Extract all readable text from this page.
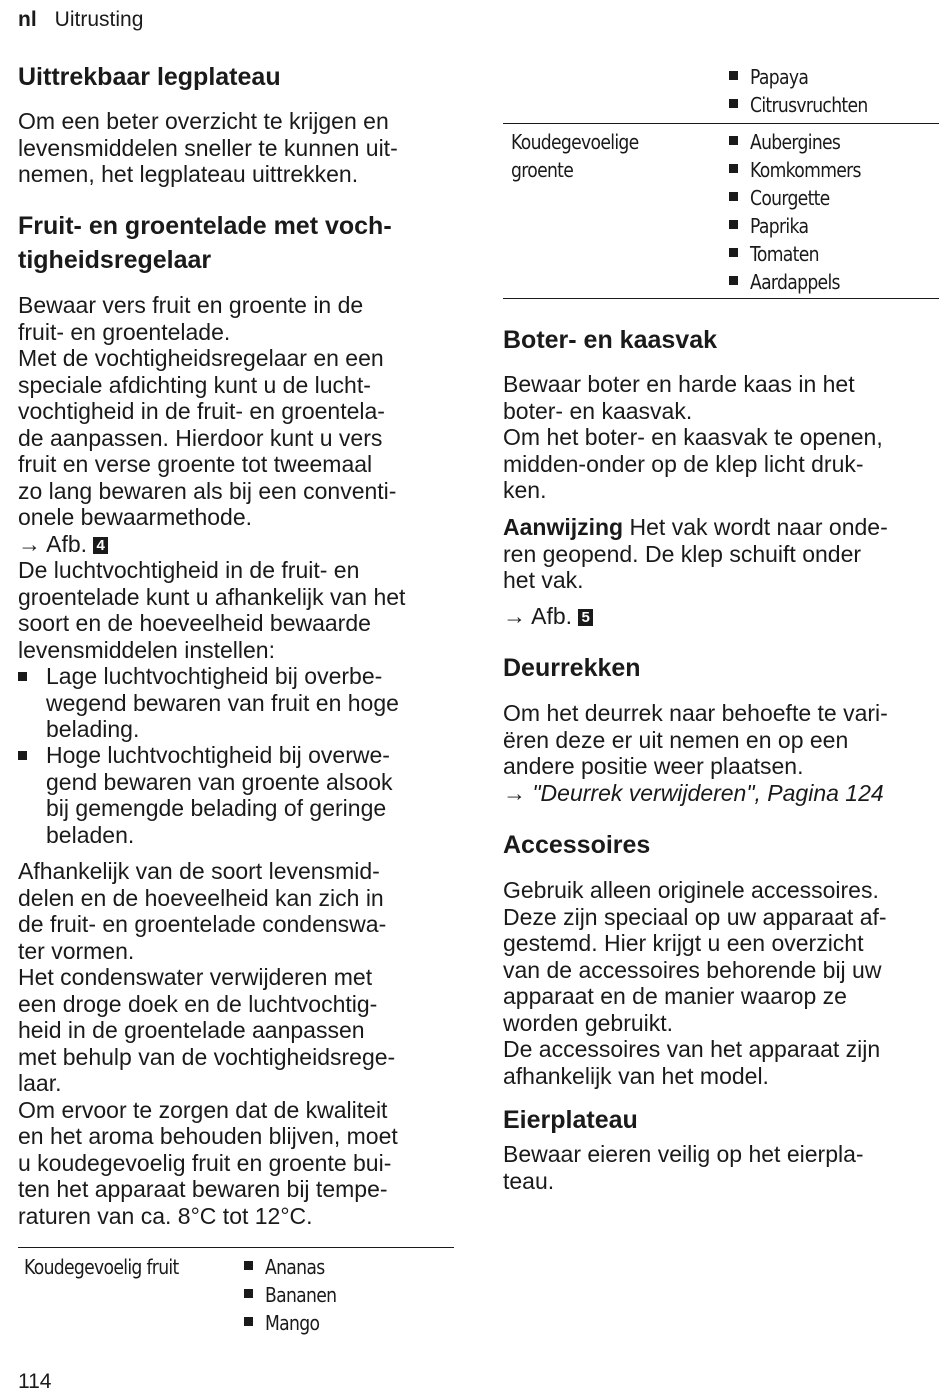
nl Uitrusting
Uittrekbaar legplateau
Om een beter overzicht te krijgen en
levensmiddelen sneller te kunnen uit-
nemen, het legplateau uittrekken.
Fruit- en groentelade met voch-
tigheidsregelaar
Bewaar vers fruit en groente in de
fruit- en groentelade.
Met de vochtigheidsregelaar en een
speciale afdichting kunt u de lucht-
vochtigheid in de fruit- en groentela-
de aanpassen. Hierdoor kunt u vers
fruit en verse groente tot tweemaal
zo lang bewaren als bij een conventi-
onele bewaarmethode.
→ Afb. 4
De luchtvochtigheid in de fruit- en
groentelade kunt u afhankelijk van het
soort en de hoeveelheid bewaarde
levensmiddelen instellen:
Lage luchtvochtigheid bij overbe-
wegend bewaren van fruit en hoge
belading.
Hoge luchtvochtigheid bij overwe-
gend bewaren van groente alsook
bij gemengde belading of geringe
beladen.
Afhankelijk van de soort levensmid-
delen en de hoeveelheid kan zich in
de fruit- en groentelade condenswa-
ter vormen.
Het condenswater verwijderen met
een droge doek en de luchtvochtig-
heid in de groentelade aanpassen
met behulp van de vochtigheidsrege-
laar.
Om ervoor te zorgen dat de kwaliteit
en het aroma behouden blijven, moet
u koudegevoelig fruit en groente bui-
ten het apparaat bewaren bij tempe-
raturen van ca. 8°C tot 12°C.
Koudegevoelig fruit	Ananas
Bananen
Mango
Papaya
Citrusvruchten
Koudegevoelige
groente
Aubergines
Komkommers
Courgette
Paprika
Tomaten
Aardappels
Boter- en kaasvak
Bewaar boter en harde kaas in het
boter- en kaasvak.
Om het boter- en kaasvak te openen,
midden-onder op de klep licht druk-
ken.
Aanwijzing Het vak wordt naar onde-
ren geopend. De klep schuift onder
het vak.
→ Afb. 5
Deurrekken
Om het deurrek naar behoefte te vari-
ëren deze er uit nemen en op een
andere positie weer plaatsen.
→ "Deurrek verwijderen", Pagina 124
Accessoires
Gebruik alleen originele accessoires.
Deze zijn speciaal op uw apparaat af-
gestemd. Hier krijgt u een overzicht
van de accessoires behorende bij uw
apparaat en de manier waarop ze
worden gebruikt.
De accessoires van het apparaat zijn
afhankelijk van het model.
Eierplateau
Bewaar eieren veilig op het eierpla-
teau.
114
